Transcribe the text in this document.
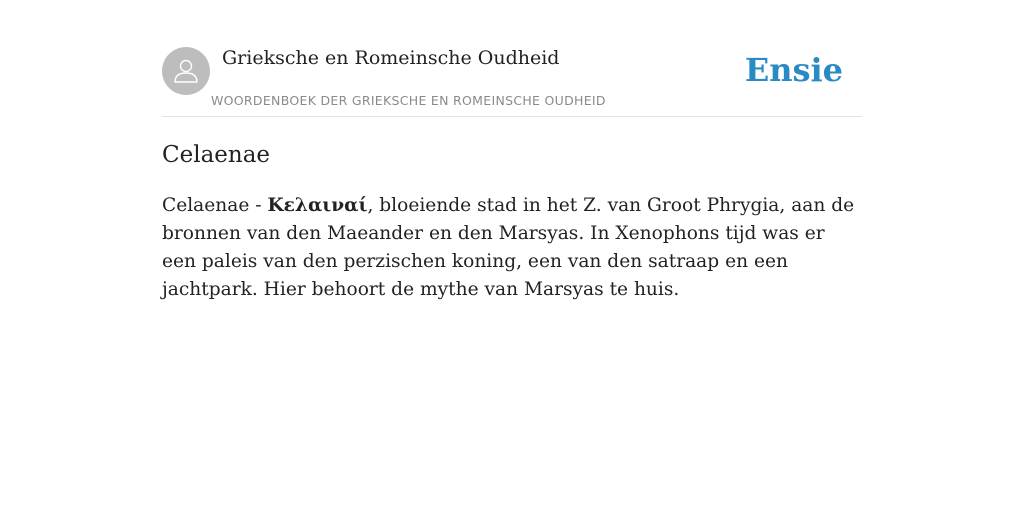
Grieksche en Romeinsche Oudheid
WOORDENBOEK DER GRIEKSCHE EN ROMEINSCHE OUDHEID
Ensie
Celaenae

Celaenae - Κελαιναί, bloeiende stad in het Z. van Groot Phrygia, aan de bronnen van den Maeander en den Marsyas. In Xenophons tijd was er een paleis van den perzischen koning, een van den satraap en een jachtpark. Hier behoort de mythe van Marsyas te huis.
